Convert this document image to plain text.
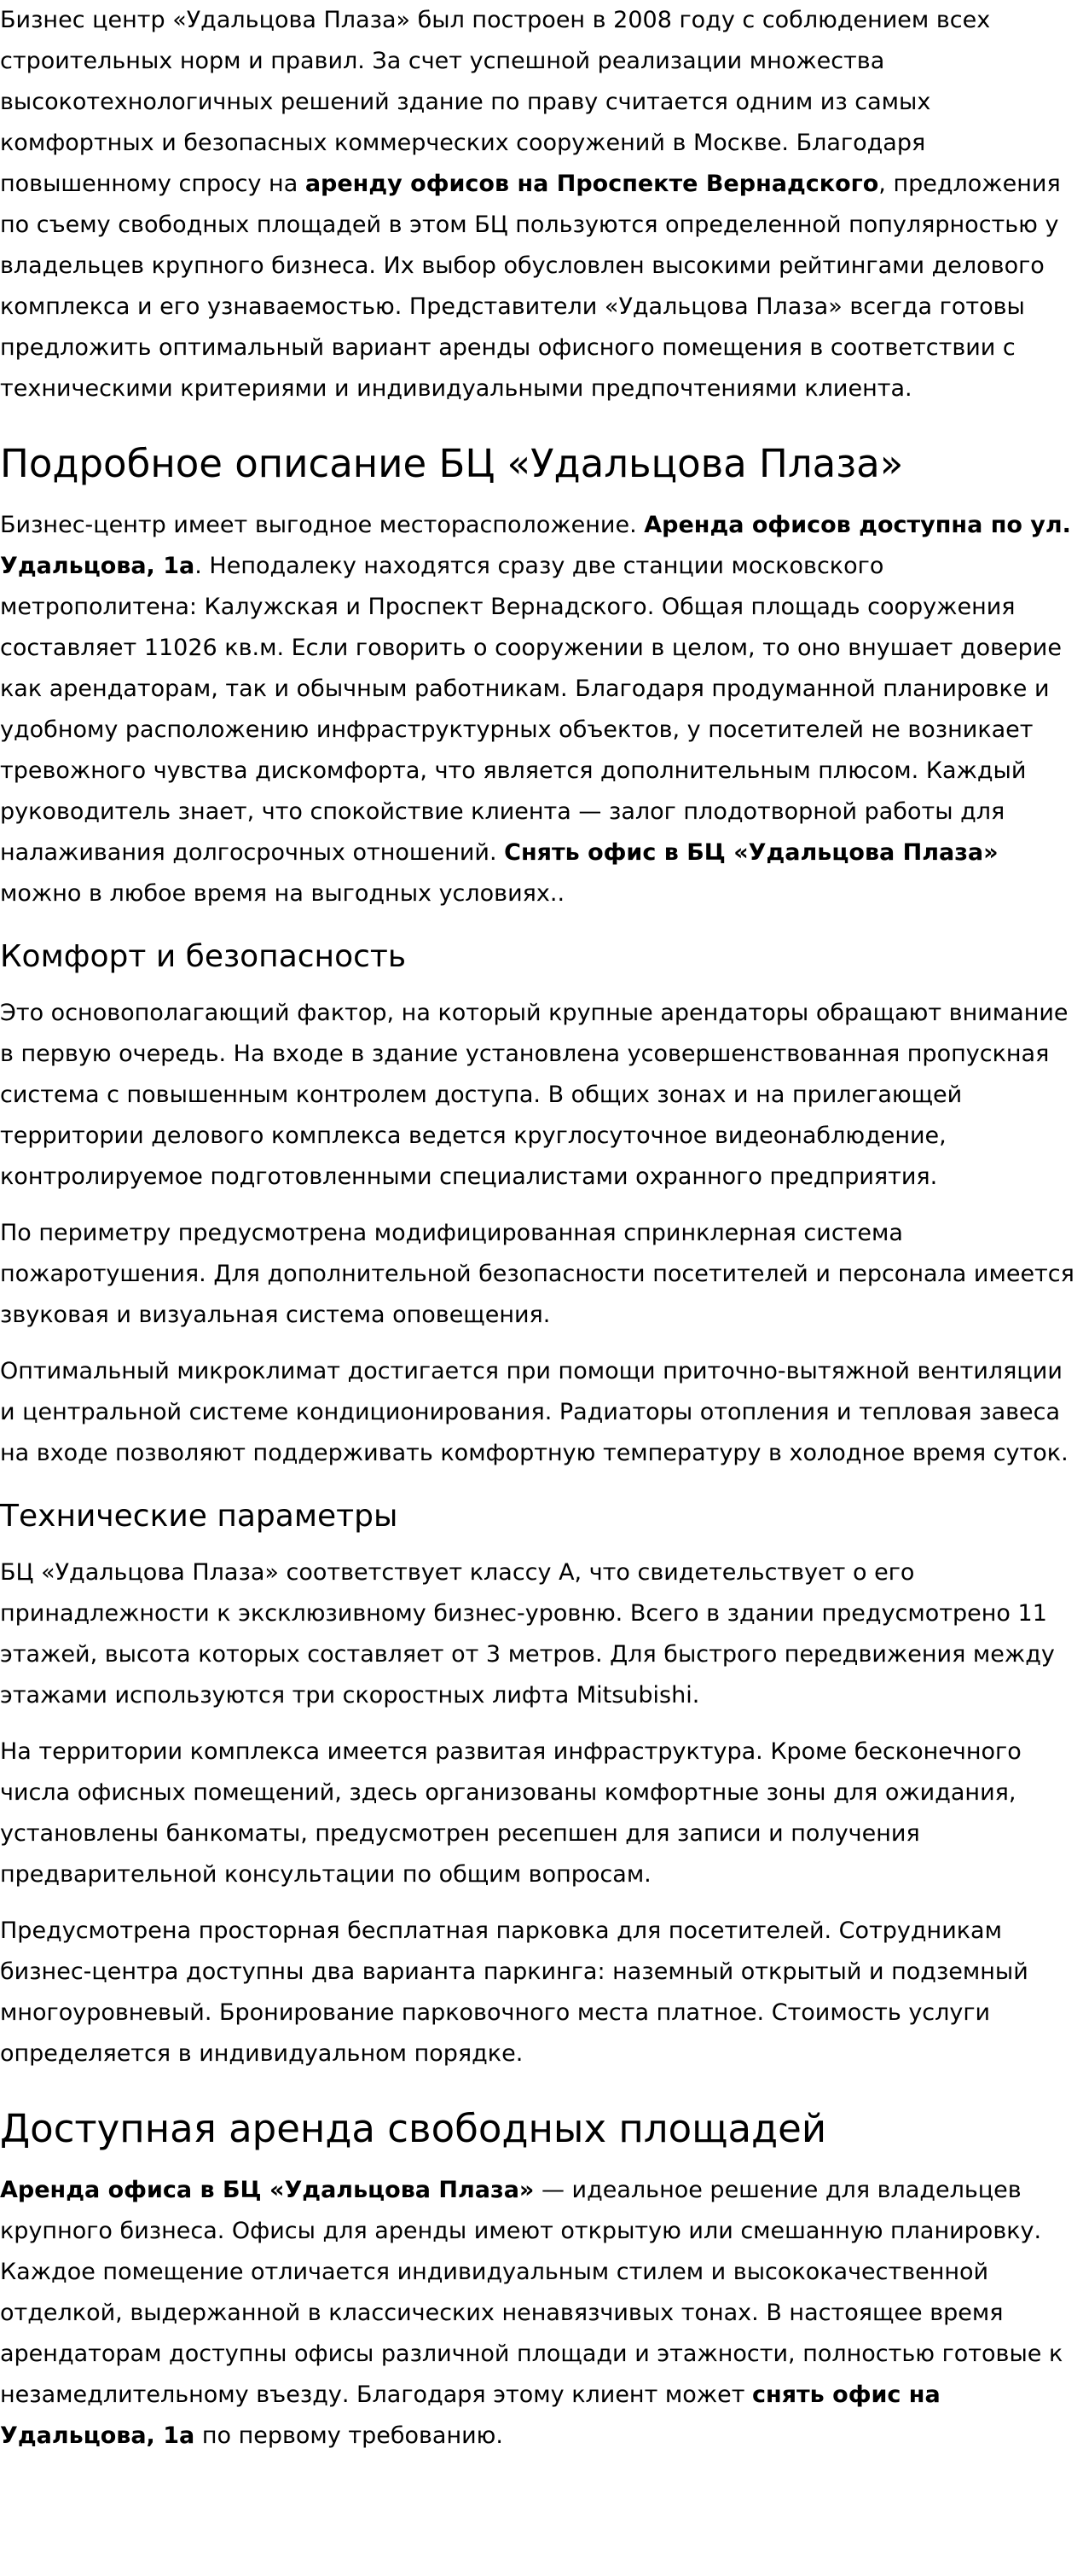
Бизнес центр «Удальцова Плаза» был построен в 2008 году с соблюдением всех строительных норм и правил. За счет успешной реализации множества высокотехнологичных решений здание по праву считается одним из самых комфортных и безопасных коммерческих сооружений в Москве. Благодаря повышенному спросу на аренду офисов на Проспекте Вернадского, предложения по съему свободных площадей в этом БЦ пользуются определенной популярностью у владельцев крупного бизнеса. Их выбор обусловлен высокими рейтингами делового комплекса и его узнаваемостью. Представители «Удальцова Плаза» всегда готовы предложить оптимальный вариант аренды офисного помещения в соответствии с техническими критериями и индивидуальными предпочтениями клиента.

Подробное описание БЦ «Удальцова Плаза»

Бизнес-центр имеет выгодное месторасположение. Аренда офисов доступна по ул. Удальцова, 1а. Неподалеку находятся сразу две станции московского метрополитена: Калужская и Проспект Вернадского. Общая площадь сооружения составляет 11026 кв.м. Если говорить о сооружении в целом, то оно внушает доверие как арендаторам, так и обычным работникам. Благодаря продуманной планировке и удобному расположению инфраструктурных объектов, у посетителей не возникает тревожного чувства дискомфорта, что является дополнительным плюсом. Каждый руководитель знает, что спокойствие клиента — залог плодотворной работы для налаживания долгосрочных отношений. Снять офис в БЦ «Удальцова Плаза» можно в любое время на выгодных условиях..

Комфорт и безопасность

Это основополагающий фактор, на который крупные арендаторы обращают внимание в первую очередь. На входе в здание установлена усовершенствованная пропускная система с повышенным контролем доступа. В общих зонах и на прилегающей территории делового комплекса ведется круглосуточное видеонаблюдение, контролируемое подготовленными специалистами охранного предприятия.

По периметру предусмотрена модифицированная спринклерная система пожаротушения. Для дополнительной безопасности посетителей и персонала имеется звуковая и визуальная система оповещения.

Оптимальный микроклимат достигается при помощи приточно-вытяжной вентиляции и центральной системе кондиционирования. Радиаторы отопления и тепловая завеса на входе позволяют поддерживать комфортную температуру в холодное время суток.

Технические параметры

БЦ «Удальцова Плаза» соответствует классу А, что свидетельствует о его принадлежности к эксклюзивному бизнес-уровню. Всего в здании предусмотрено 11 этажей, высота которых составляет от 3 метров. Для быстрого передвижения между этажами используются три скоростных лифта Mitsubishi.

На территории комплекса имеется развитая инфраструктура. Кроме бесконечного числа офисных помещений, здесь организованы комфортные зоны для ожидания, установлены банкоматы, предусмотрен ресепшен для записи и получения предварительной консультации по общим вопросам.

Предусмотрена просторная бесплатная парковка для посетителей. Сотрудникам бизнес-центра доступны два варианта паркинга: наземный открытый и подземный многоуровневый. Бронирование парковочного места платное. Стоимость услуги определяется в индивидуальном порядке.

Доступная аренда свободных площадей

Аренда офиса в БЦ «Удальцова Плаза» — идеальное решение для владельцев крупного бизнеса. Офисы для аренды имеют открытую или смешанную планировку. Каждое помещение отличается индивидуальным стилем и высококачественной отделкой, выдержанной в классических ненавязчивых тонах. В настоящее время арендаторам доступны офисы различной площади и этажности, полностью готовые к незамедлительному въезду. Благодаря этому клиент может снять офис на Удальцова, 1а по первому требованию.
